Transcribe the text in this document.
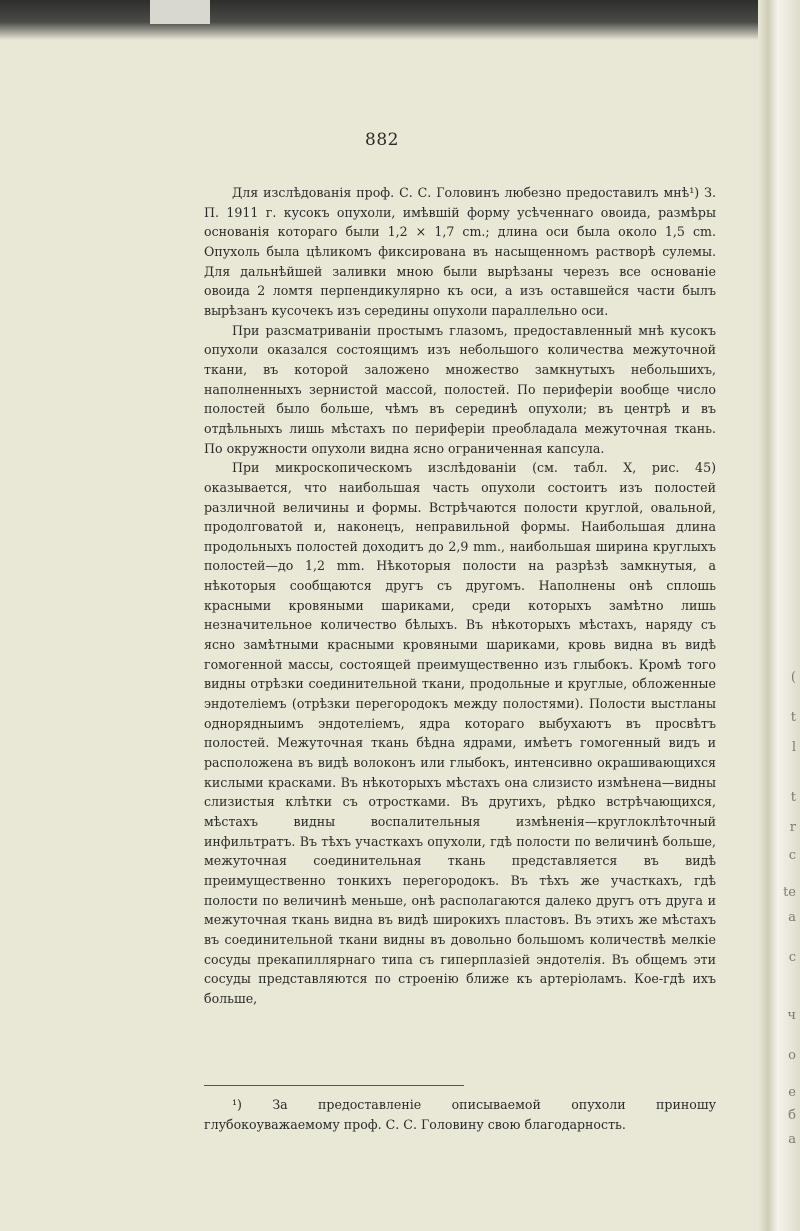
(
t
l
t
r
c
te
a
c
ч
o
e
б
a
882

Для изслѣдованія проф. С. С. Головинъ любезно предоставилъ мнѣ¹) З. П. 1911 г. кусокъ опухоли, имѣвшій форму усѣченнаго овоида, размѣры основанія котораго были 1,2 × 1,7 cm.; длина оси была около 1,5 cm. Опухоль была цѣликомъ фиксирована въ насыщенномъ растворѣ сулемы. Для дальнѣйшей заливки мною были вырѣзаны черезъ все основаніе овоида 2 ломтя перпендикулярно къ оси, а изъ оставшейся части былъ вырѣзанъ кусочекъ изъ середины опухоли параллельно оси.

При разсматриваніи простымъ глазомъ, предоставленный мнѣ кусокъ опухоли оказался состоящимъ изъ небольшого количества межуточной ткани, въ которой заложено множество замкнутыхъ небольшихъ, наполненныхъ зернистой массой, полостей. По периферіи вообще число полостей было больше, чѣмъ въ серединѣ опухоли; въ центрѣ и въ отдѣльныхъ лишь мѣстахъ по периферіи преобладала межуточная ткань. По окружности опухоли видна ясно ограниченная капсула.

При микроскопическомъ изслѣдованіи (см. табл. X, рис. 45) оказывается, что наибольшая часть опухоли состоитъ изъ полостей различной величины и формы. Встрѣчаются полости круглой, овальной, продолговатой и, наконецъ, неправильной формы. Наибольшая длина продольныхъ полостей доходитъ до 2,9 mm., наибольшая ширина круглыхъ полостей—до 1,2 mm. Нѣкоторыя полости на разрѣзѣ замкнутыя, а нѣкоторыя сообщаются другъ съ другомъ. Наполнены онѣ сплошь красными кровяными шариками, среди которыхъ замѣтно лишь незначительное количество бѣлыхъ. Въ нѣкоторыхъ мѣстахъ, наряду съ ясно замѣтными красными кровяными шариками, кровь видна въ видѣ гомогенной массы, состоящей преимущественно изъ глыбокъ. Кромѣ того видны отрѣзки соединительной ткани, продольные и круглые, обложенные эндотеліемъ (отрѣзки перегородокъ между полостями). Полости выстланы однорядныимъ эндотеліемъ, ядра котораго выбухаютъ въ просвѣтъ полостей. Межуточная ткань бѣдна ядрами, имѣетъ гомогенный видъ и расположена въ видѣ волоконъ или глыбокъ, интенсивно окрашивающихся кислыми красками. Въ нѣкоторыхъ мѣстахъ она слизисто измѣнена—видны слизистыя клѣтки съ отростками. Въ другихъ, рѣдко встрѣчающихся, мѣстахъ видны воспалительныя измѣненія—круглоклѣточный инфильтратъ. Въ тѣхъ участкахъ опухоли, гдѣ полости по величинѣ больше, межуточная соединительная ткань представляется въ видѣ преимущественно тонкихъ перегородокъ. Въ тѣхъ же участкахъ, гдѣ полости по величинѣ меньше, онѣ располагаются далеко другъ отъ друга и межуточная ткань видна въ видѣ широкихъ пластовъ. Въ этихъ же мѣстахъ въ соединительной ткани видны въ довольно большомъ количествѣ мелкіе сосуды прекапиллярнаго типа съ гиперплазіей эндотелія. Въ общемъ эти сосуды представляются по строенію ближе къ артеріоламъ. Кое-гдѣ ихъ больше,

¹) За предоставленіе описываемой опухоли приношу глубокоуважаемому проф. С. С. Головину свою благодарность.
